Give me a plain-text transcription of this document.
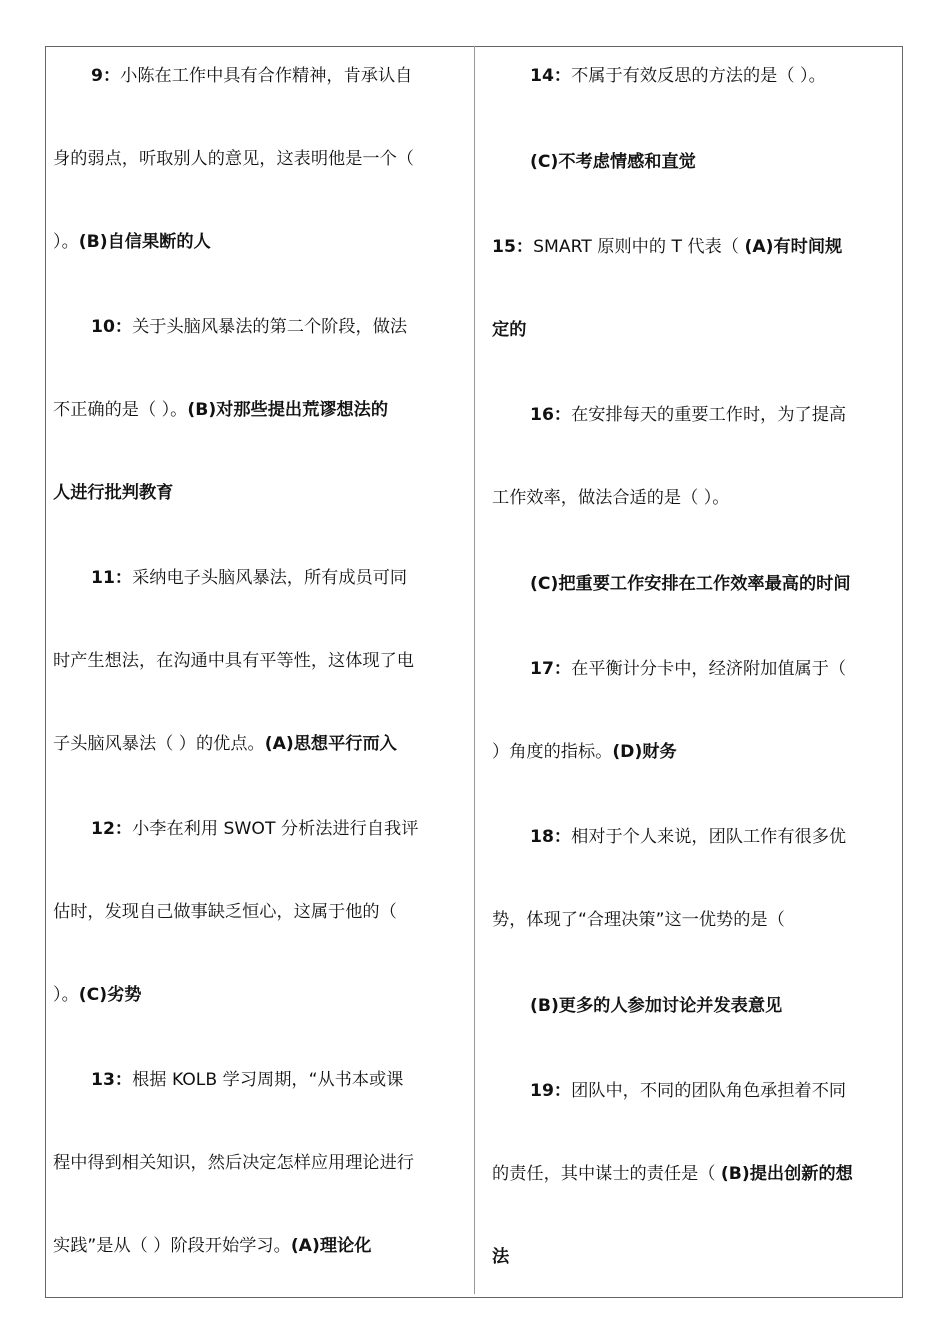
9：小陈在工作中具有合作精神，肯承认自
身的弱点，听取别人的意见，这表明他是一个（
）。(B)自信果断的人
10：关于头脑风暴法的第二个阶段，做法
不正确的是（ ）。(B)对那些提出荒谬想法的
人进行批判教育
11：采纳电子头脑风暴法，所有成员可同
时产生想法，在沟通中具有平等性，这体现了电
子头脑风暴法（ ）的优点。(A)思想平行而入
12：小李在利用 SWOT 分析法进行自我评
估时，发现自己做事缺乏恒心，这属于他的（
）。(C)劣势
13：根据 KOLB 学习周期，“从书本或课
程中得到相关知识，然后决定怎样应用理论进行
实践”是从（ ）阶段开始学习。(A)理论化
14：不属于有效反思的方法的是（ ）。
(C)不考虑情感和直觉
15：SMART 原则中的 T 代表（ (A)有时间规
定的
16：在安排每天的重要工作时，为了提高
工作效率，做法合适的是（ ）。
(C)把重要工作安排在工作效率最高的时间
17：在平衡计分卡中，经济附加值属于（
）角度的指标。(D)财务
18：相对于个人来说，团队工作有很多优
势，体现了“合理决策”这一优势的是（
(B)更多的人参加讨论并发表意见
19：团队中，不同的团队角色承担着不同
的责任，其中谋士的责任是（ (B)提出创新的想
法
